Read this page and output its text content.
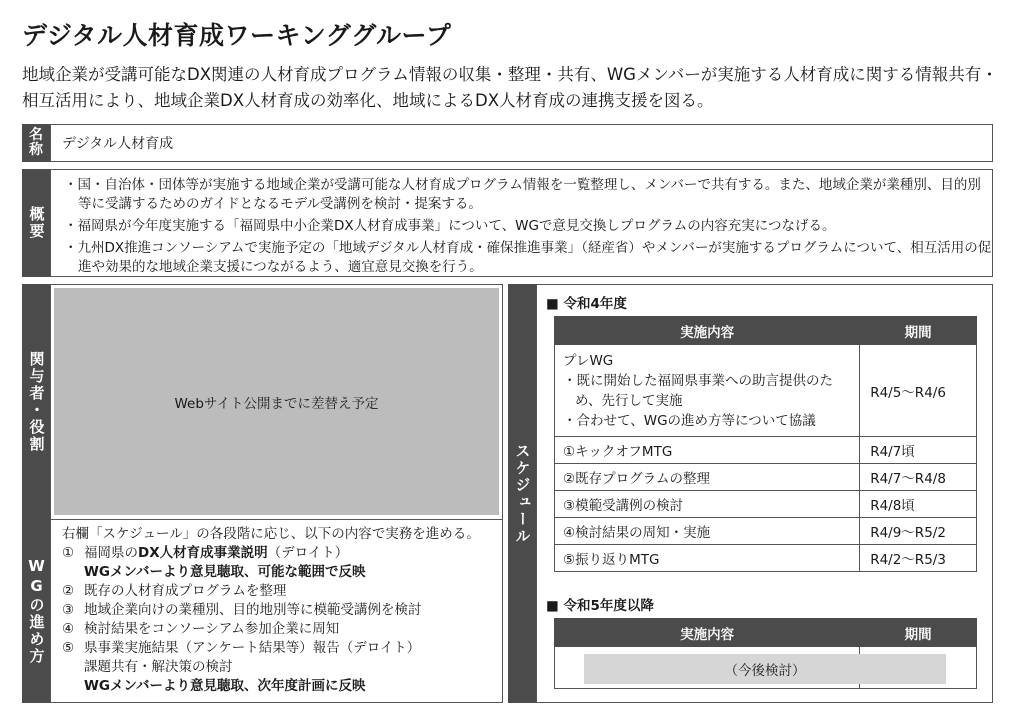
デジタル人材育成ワーキンググループ
地域企業が受講可能なDX関連の人材育成プログラム情報の収集・整理・共有、WGメンバーが実施する人材育成に関する情報共有・相互活用により、地域企業DX人材育成の効率化、地域によるDX人材育成の連携支援を図る。
名称	デジタル人材育成
概要
・国・自治体・団体等が実施する地域企業が受講可能な人材育成プログラム情報を一覧整理し、メンバーで共有する。また、地域企業が業種別、目的別等に受講するためのガイドとなるモデル受講例を検討・提案する。
・福岡県が今年度実施する「福岡県中小企業DX人材育成事業」について、WGで意見交換しプログラムの内容充実につなげる。
・九州DX推進コンソーシアムで実施予定の「地域デジタル人材育成・確保推進事業」（経産省）やメンバーが実施するプログラムについて、相互活用の促進や効果的な地域企業支援につながるよう、適宜意見交換を行う。
関与者・役割	Webサイト公開までに差替え予定
WGの進め方
右欄「スケジュール」の各段階に応じ、以下の内容で実務を進める。
① 福岡県のDX人材育成事業説明（デロイト）
WGメンバーより意見聴取、可能な範囲で反映
② 既存の人材育成プログラムを整理
③ 地域企業向けの業種別、目的地別等に模範受講例を検討
④ 検討結果をコンソーシアム参加企業に周知
⑤ 県事業実施結果（アンケート結果等）報告（デロイト）
課題共有・解決策の検討
WGメンバーより意見聴取、次年度計画に反映
スケジュール
■ 令和4年度
実施内容	期間

プレWG
・既に開始した福岡県事業への助言提供のため、先行して実施
・合わせて、WGの進め方等について協議	R4/5～R4/6
①キックオフMTG	R4/7頃
②既存プログラムの整理	R4/7～R4/8
③模範受講例の検討	R4/8頃
④検討結果の周知・実施	R4/9～R5/2
⑤振り返りMTG	R4/2～R5/3
■ 令和5年度以降
実施内容	期間

（今後検討）
